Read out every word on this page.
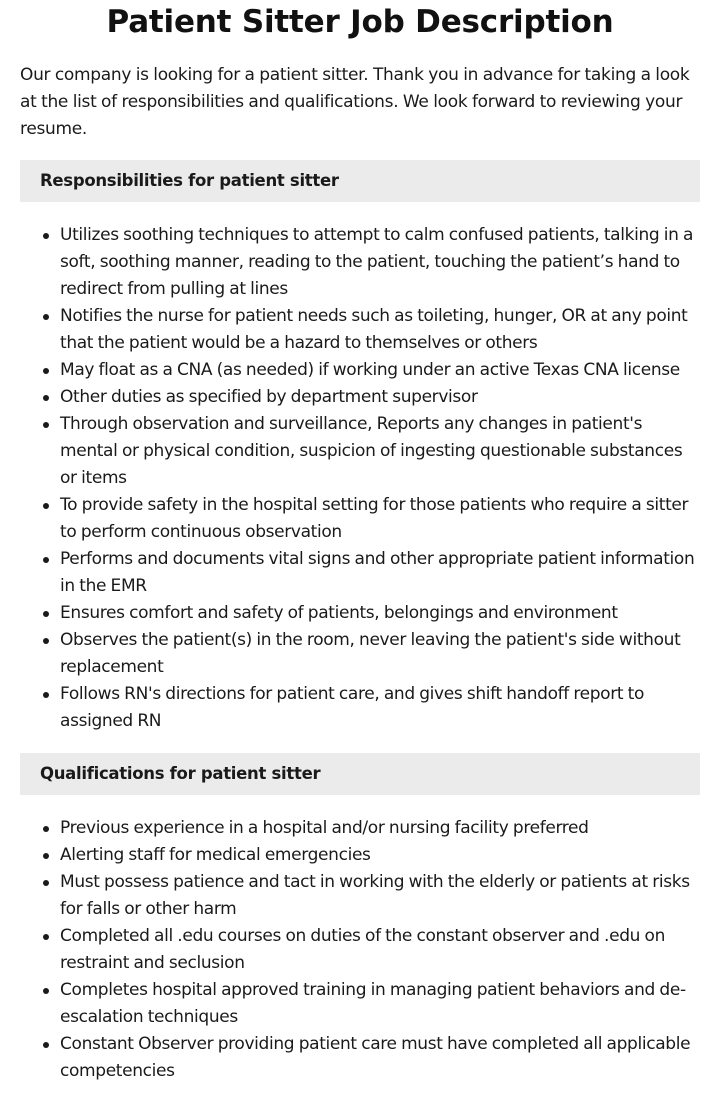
Patient Sitter Job Description

Our company is looking for a patient sitter. Thank you in advance for taking a look at the list of responsibilities and qualifications. We look forward to reviewing your resume.

Responsibilities for patient sitter
Utilizes soothing techniques to attempt to calm confused patients, talking in a soft, soothing manner, reading to the patient, touching the patient’s hand to redirect from pulling at lines
Notifies the nurse for patient needs such as toileting, hunger, OR at any point that the patient would be a hazard to themselves or others
May float as a CNA (as needed) if working under an active Texas CNA license
Other duties as specified by department supervisor
Through observation and surveillance, Reports any changes in patient's mental or physical condition, suspicion of ingesting questionable substances or items
To provide safety in the hospital setting for those patients who require a sitter to perform continuous observation
Performs and documents vital signs and other appropriate patient information in the EMR
Ensures comfort and safety of patients, belongings and environment
Observes the patient(s) in the room, never leaving the patient's side without replacement
Follows RN's directions for patient care, and gives shift handoff report to assigned RN
Qualifications for patient sitter
Previous experience in a hospital and/or nursing facility preferred
Alerting staff for medical emergencies
Must possess patience and tact in working with the elderly or patients at risks for falls or other harm
Completed all .edu courses on duties of the constant observer and .edu on restraint and seclusion
Completes hospital approved training in managing patient behaviors and de-escalation techniques
Constant Observer providing patient care must have completed all applicable competencies
